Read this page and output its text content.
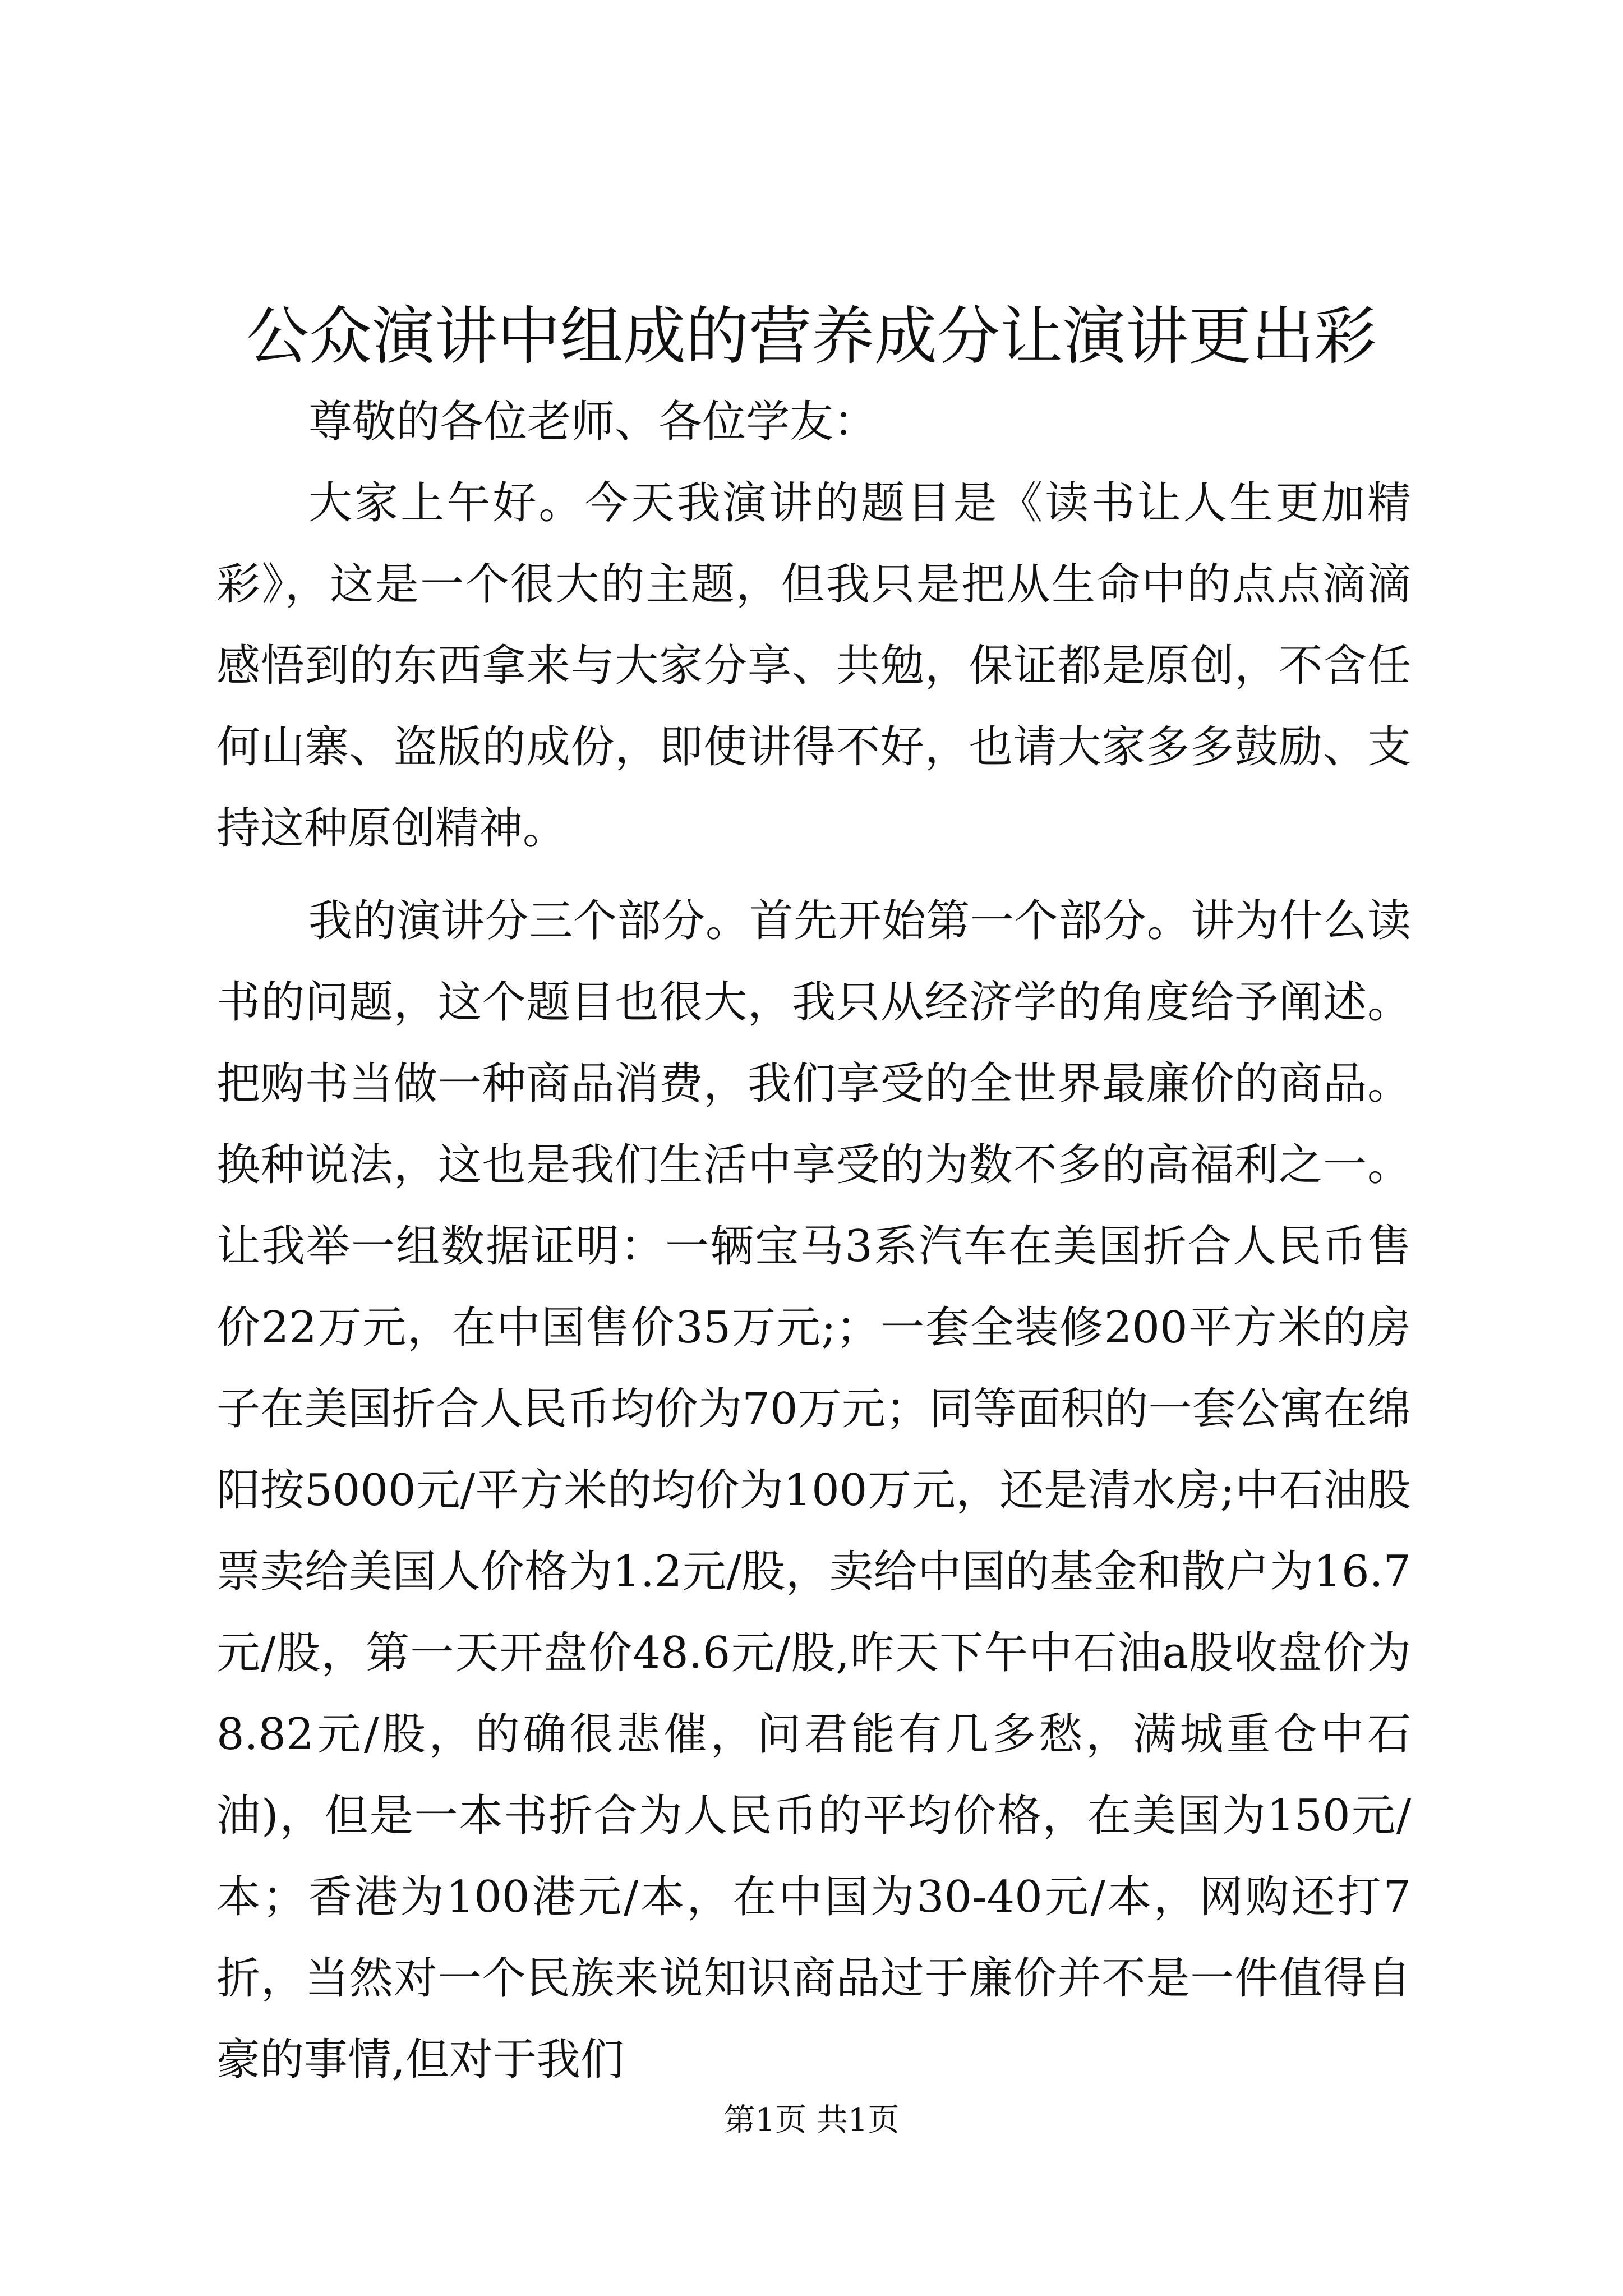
公众演讲中组成的营养成分让演讲更出彩

尊敬的各位老师、各位学友：

大家上午好。今天我演讲的题目是《读书让人生更加精彩》，这是一个很大的主题，但我只是把从生命中的点点滴滴感悟到的东西拿来与大家分享、共勉，保证都是原创，不含任何山寨、盗版的成份，即使讲得不好，也请大家多多鼓励、支持这种原创精神。

我的演讲分三个部分。首先开始第一个部分。讲为什么读书的问题，这个题目也很大，我只从经济学的角度给予阐述。把购书当做一种商品消费，我们享受的全世界最廉价的商品。换种说法，这也是我们生活中享受的为数不多的高福利之一。让我举一组数据证明：一辆宝马3系汽车在美国折合人民币售价22万元，在中国售价35万元;；一套全装修200平方米的房子在美国折合人民币均价为70万元；同等面积的一套公寓在绵阳按5000元/平方米的均价为100万元，还是清水房;中石油股票卖给美国人价格为1.2元/股，卖给中国的基金和散户为16.7元/股，第一天开盘价48.6元/股,昨天下午中石油a股收盘价为8.82元/股，的确很悲催，问君能有几多愁，满城重仓中石油)，但是一本书折合为人民币的平均价格，在美国为150元/本；香港为100港元/本，在中国为30-40元/本，网购还打7折，当然对一个民族来说知识商品过于廉价并不是一件值得自豪的事情,但对于我们

第1页 共1页
